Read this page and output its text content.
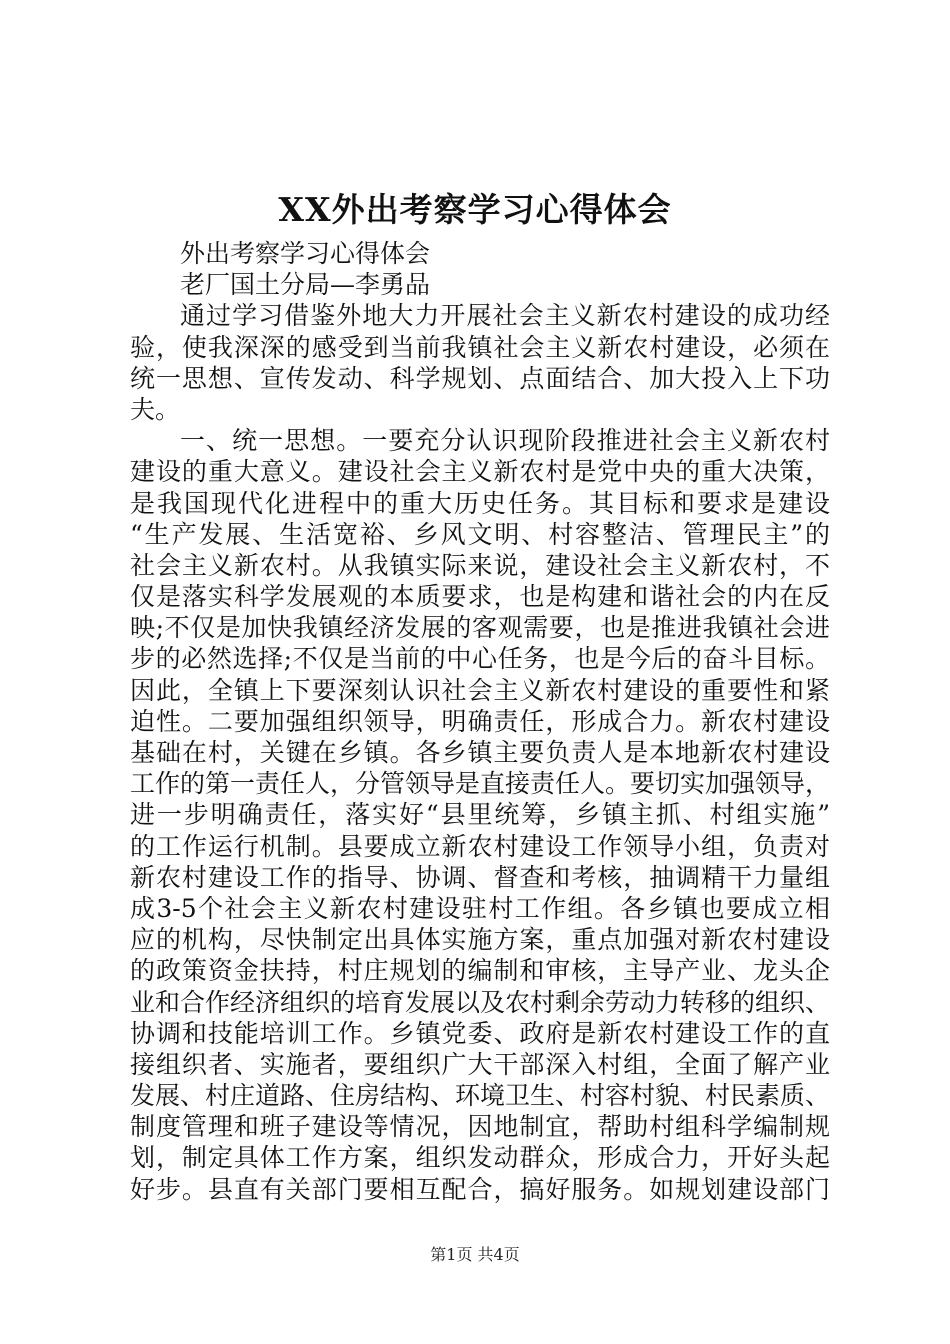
XX外出考察学习心得体会
外出考察学习心得体会
老厂国土分局—李勇品
通过学习借鉴外地大力开展社会主义新农村建设的成功经
验，使我深深的感受到当前我镇社会主义新农村建设，必须在
统一思想、宣传发动、科学规划、点面结合、加大投入上下功
夫。
一、统一思想。一要充分认识现阶段推进社会主义新农村
建设的重大意义。建设社会主义新农村是党中央的重大决策，
是我国现代化进程中的重大历史任务。其目标和要求是建设
“生产发展、生活宽裕、乡风文明、村容整洁、管理民主”的
社会主义新农村。从我镇实际来说，建设社会主义新农村，不
仅是落实科学发展观的本质要求，也是构建和谐社会的内在反
映;不仅是加快我镇经济发展的客观需要，也是推进我镇社会进
步的必然选择;不仅是当前的中心任务，也是今后的奋斗目标。
因此，全镇上下要深刻认识社会主义新农村建设的重要性和紧
迫性。二要加强组织领导，明确责任，形成合力。新农村建设
基础在村，关键在乡镇。各乡镇主要负责人是本地新农村建设
工作的第一责任人，分管领导是直接责任人。要切实加强领导，
进一步明确责任，落实好“县里统筹，乡镇主抓、村组实施”
的工作运行机制。县要成立新农村建设工作领导小组，负责对
新农村建设工作的指导、协调、督查和考核，抽调精干力量组
成3-5个社会主义新农村建设驻村工作组。各乡镇也要成立相
应的机构，尽快制定出具体实施方案，重点加强对新农村建设
的政策资金扶持，村庄规划的编制和审核，主导产业、龙头企
业和合作经济组织的培育发展以及农村剩余劳动力转移的组织、
协调和技能培训工作。乡镇党委、政府是新农村建设工作的直
接组织者、实施者，要组织广大干部深入村组，全面了解产业
发展、村庄道路、住房结构、环境卫生、村容村貌、村民素质、
制度管理和班子建设等情况，因地制宜，帮助村组科学编制规
划，制定具体工作方案，组织发动群众，形成合力，开好头起
好步。县直有关部门要相互配合，搞好服务。如规划建设部门
第1页 共4页
